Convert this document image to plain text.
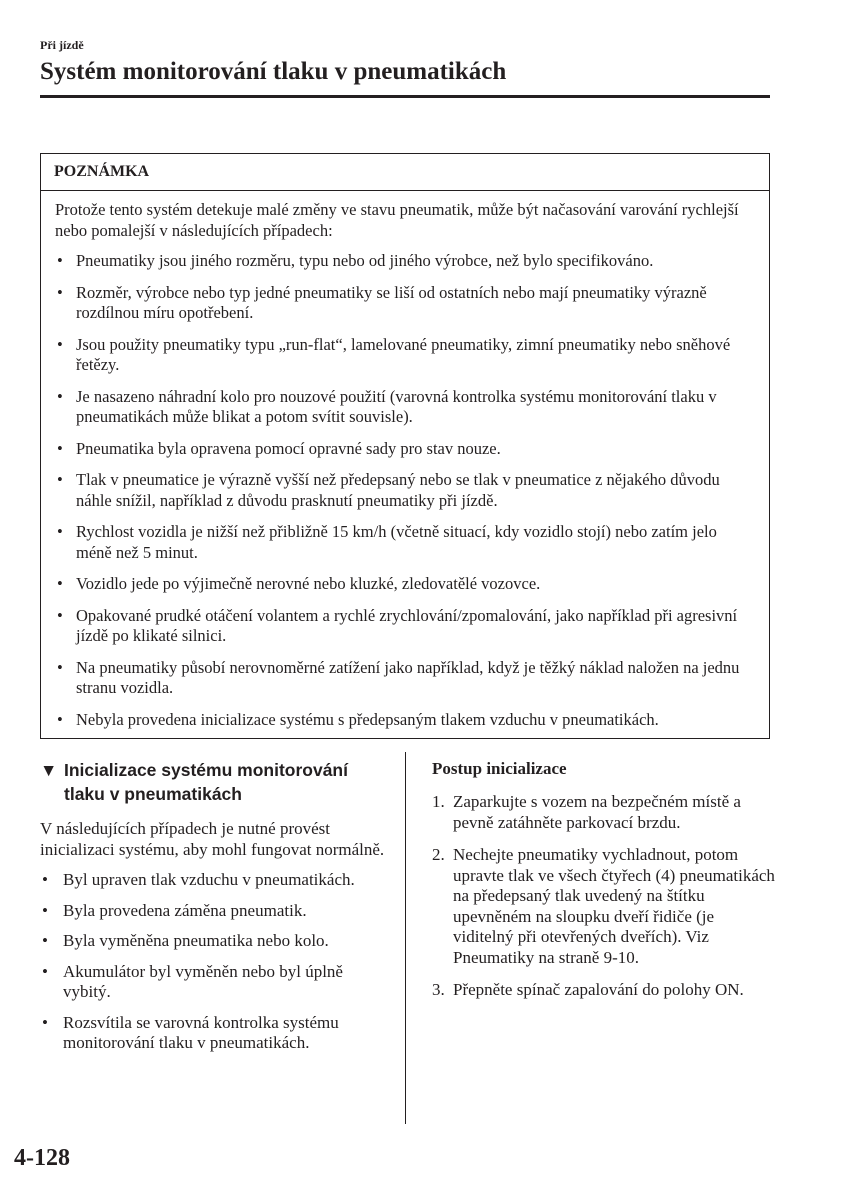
Při jízdě
Systém monitorování tlaku v pneumatikách
POZNÁMKA

Protože tento systém detekuje malé změny ve stavu pneumatik, může být načasování varování rychlejší nebo pomalejší v následujících případech:

• Pneumatiky jsou jiného rozměru, typu nebo od jiného výrobce, než bylo specifikováno.
• Rozměr, výrobce nebo typ jedné pneumatiky se liší od ostatních nebo mají pneumatiky výrazně rozdílnou míru opotřebení.
• Jsou použity pneumatiky typu „run-flat“, lamelované pneumatiky, zimní pneumatiky nebo sněhové řetězy.
• Je nasazeno náhradní kolo pro nouzové použití (varovná kontrolka systému monitorování tlaku v pneumatikách může blikat a potom svítit souvisle).
• Pneumatika byla opravena pomocí opravné sady pro stav nouze.
• Tlak v pneumatice je výrazně vyšší než předepsaný nebo se tlak v pneumatice z nějakého důvodu náhle snížil, například z důvodu prasknutí pneumatiky při jízdě.
• Rychlost vozidla je nižší než přibližně 15 km/h (včetně situací, kdy vozidlo stojí) nebo zatím jelo méně než 5 minut.
• Vozidlo jede po výjimečně nerovné nebo kluzké, zledovatělé vozovce.
• Opakované prudké otáčení volantem a rychlé zrychlování/zpomalování, jako například při agresivní jízdě po klikaté silnici.
• Na pneumatiky působí nerovnoměrné zatížení jako například, když je těžký náklad naložen na jednu stranu vozidla.
• Nebyla provedena inicializace systému s předepsaným tlakem vzduchu v pneumatikách.
▼ Inicializace systému monitorování tlaku v pneumatikách

V následujících případech je nutné provést inicializaci systému, aby mohl fungovat normálně.

• Byl upraven tlak vzduchu v pneumatikách.
• Byla provedena záměna pneumatik.
• Byla vyměněna pneumatika nebo kolo.
• Akumulátor byl vyměněn nebo byl úplně vybitý.
• Rozsvítila se varovná kontrolka systému monitorování tlaku v pneumatikách.
Postup inicializace
1. Zaparkujte s vozem na bezpečném místě a pevně zatáhněte parkovací brzdu.
2. Nechejte pneumatiky vychladnout, potom upravte tlak ve všech čtyřech (4) pneumatikách na předepsaný tlak uvedený na štítku upevněném na sloupku dveří řidiče (je viditelný při otevřených dveřích). Viz Pneumatiky na straně 9-10.
3. Přepněte spínač zapalování do polohy ON.
4-128
